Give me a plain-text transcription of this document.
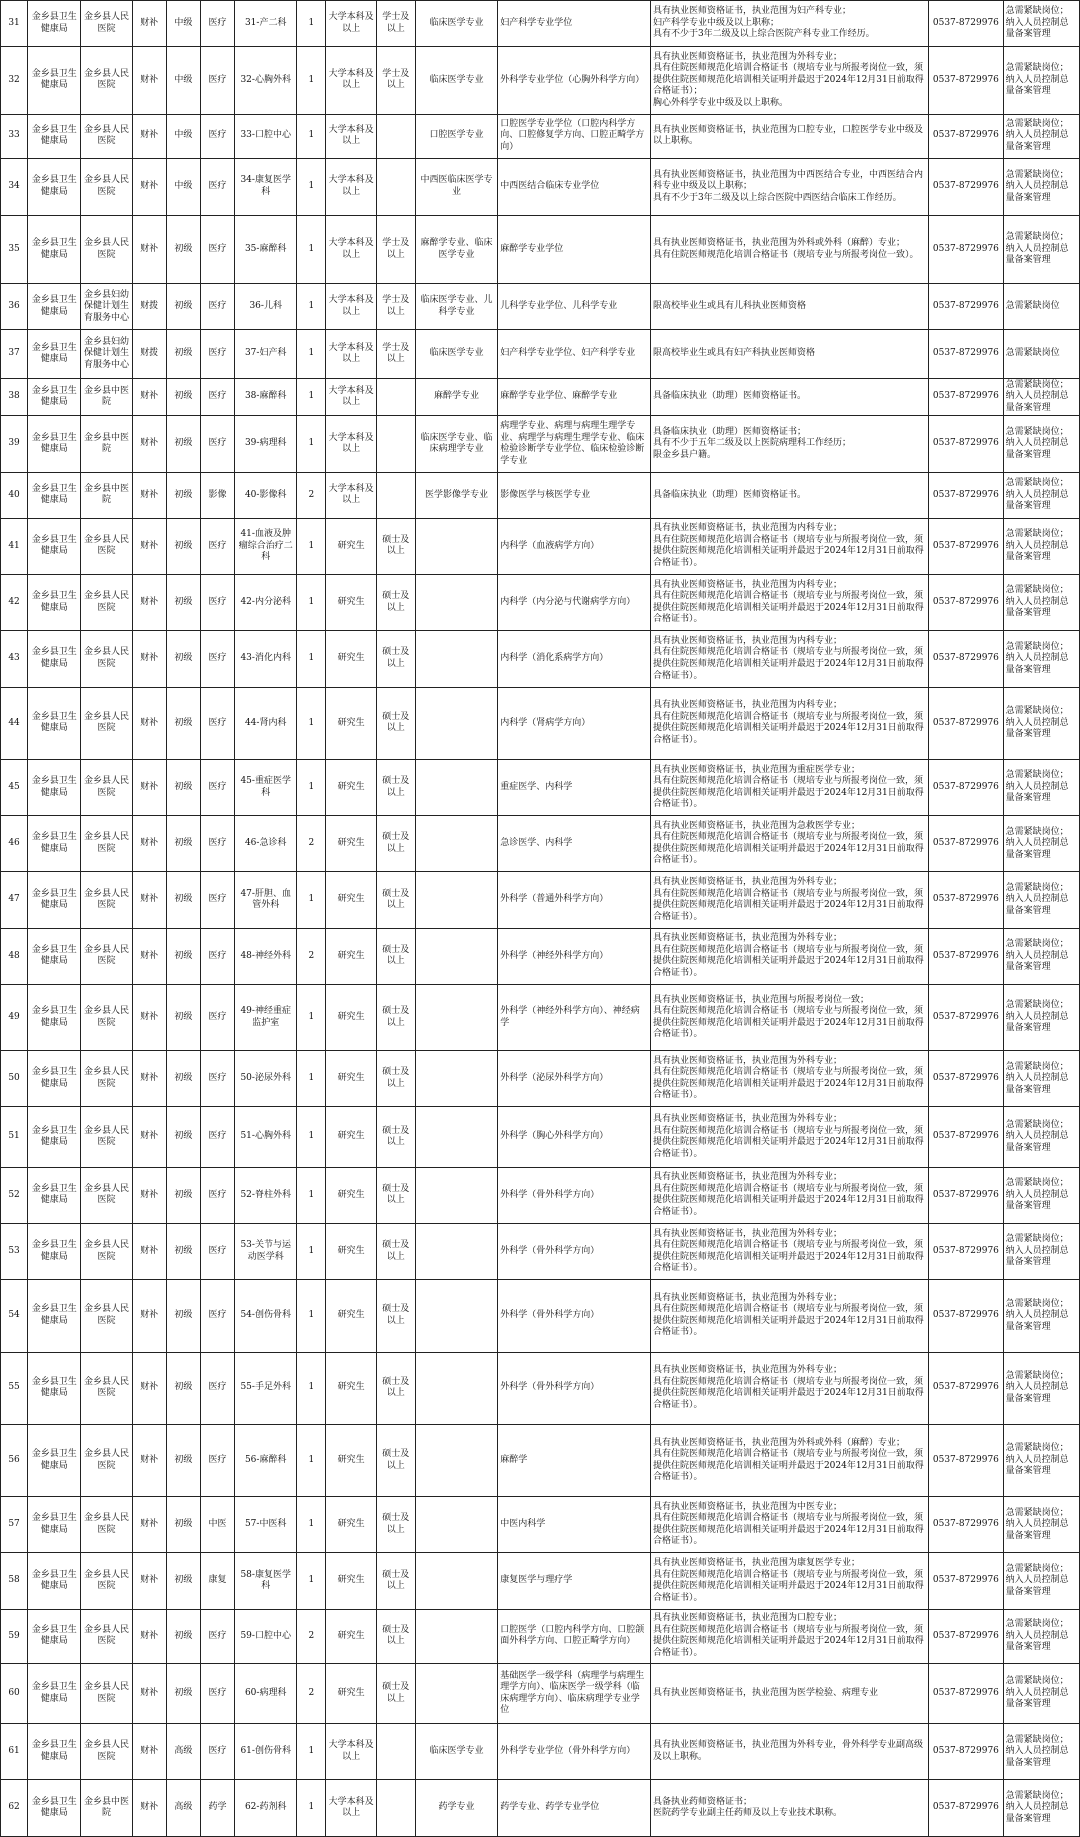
31	金乡县卫生健康局	金乡县人民医院	财补	中级	医疗	31-产二科	1	大学本科及以上	学士及以上	临床医学专业	妇产科学专业学位	具有执业医师资格证书，执业范围为妇产科专业；
妇产科学专业中级及以上职称；
具有不少于3年二级及以上综合医院产科专业工作经历。	0537-8729976	急需紧缺岗位；纳入人员控制总量备案管理
32	金乡县卫生健康局	金乡县人民医院	财补	中级	医疗	32-心胸外科	1	大学本科及以上	学士及以上	临床医学专业	外科学专业学位（心胸外科学方向）	具有执业医师资格证书，执业范围为外科专业；
具有住院医师规范化培训合格证书（规培专业与所报考岗位一致，须提供住院医师规范化培训相关证明并最迟于2024年12月31日前取得合格证书）；
胸心外科学专业中级及以上职称。	0537-8729976	急需紧缺岗位；纳入人员控制总量备案管理
33	金乡县卫生健康局	金乡县人民医院	财补	中级	医疗	33-口腔中心	1	大学本科及以上		口腔医学专业	口腔医学专业学位（口腔内科学方向、口腔修复学方向、口腔正畸学方向）	具有执业医师资格证书，执业范围为口腔专业，口腔医学专业中级及以上职称。	0537-8729976	急需紧缺岗位；纳入人员控制总量备案管理
34	金乡县卫生健康局	金乡县人民医院	财补	中级	医疗	34-康复医学科	1	大学本科及以上		中西医临床医学专业	中西医结合临床专业学位	具有执业医师资格证书，执业范围为中西医结合专业，中西医结合内科专业中级及以上职称；
具有不少于3年二级及以上综合医院中西医结合临床工作经历。	0537-8729976	急需紧缺岗位；纳入人员控制总量备案管理
35	金乡县卫生健康局	金乡县人民医院	财补	初级	医疗	35-麻醉科	1	大学本科及以上	学士及以上	麻醉学专业、临床医学专业	麻醉学专业学位	具有执业医师资格证书，执业范围为外科或外科（麻醉）专业；
具有住院医师规范化培训合格证书（规培专业与所报考岗位一致）。	0537-8729976	急需紧缺岗位；纳入人员控制总量备案管理
36	金乡县卫生健康局	金乡县妇幼保健计划生育服务中心	财拨	初级	医疗	36-儿科	1	大学本科及以上	学士及以上	临床医学专业、儿科学专业	儿科学专业学位、儿科学专业	限高校毕业生或具有儿科执业医师资格	0537-8729976	急需紧缺岗位
37	金乡县卫生健康局	金乡县妇幼保健计划生育服务中心	财拨	初级	医疗	37-妇产科	1	大学本科及以上	学士及以上	临床医学专业	妇产科学专业学位、妇产科学专业	限高校毕业生或具有妇产科执业医师资格	0537-8729976	急需紧缺岗位
38	金乡县卫生健康局	金乡县中医院	财补	初级	医疗	38-麻醉科	1	大学本科及以上		麻醉学专业	麻醉学专业学位、麻醉学专业	具备临床执业（助理）医师资格证书。	0537-8729976	急需紧缺岗位；纳入人员控制总量备案管理
39	金乡县卫生健康局	金乡县中医院	财补	初级	医疗	39-病理科	1	大学本科及以上		临床医学专业、临床病理学专业	病理学专业、病理与病理生理学专业、病理学与病理生理学专业、临床检验诊断学专业学位、临床检验诊断学专业	具备临床执业（助理）医师资格证书；
具有不少于五年二级及以上医院病理科工作经历；
限金乡县户籍。	0537-8729976	急需紧缺岗位；纳入人员控制总量备案管理
40	金乡县卫生健康局	金乡县中医院	财补	初级	影像	40-影像科	2	大学本科及以上		医学影像学专业	影像医学与核医学专业	具备临床执业（助理）医师资格证书。	0537-8729976	急需紧缺岗位；纳入人员控制总量备案管理
41	金乡县卫生健康局	金乡县人民医院	财补	初级	医疗	41-血液及肿瘤综合治疗二科	1	研究生	硕士及以上		内科学（血液病学方向）	具有执业医师资格证书，执业范围为内科专业；
具有住院医师规范化培训合格证书（规培专业与所报考岗位一致，须提供住院医师规范化培训相关证明并最迟于2024年12月31日前取得合格证书）。	0537-8729976	急需紧缺岗位；纳入人员控制总量备案管理
42	金乡县卫生健康局	金乡县人民医院	财补	初级	医疗	42-内分泌科	1	研究生	硕士及以上		内科学（内分泌与代谢病学方向）	具有执业医师资格证书，执业范围为内科专业；
具有住院医师规范化培训合格证书（规培专业与所报考岗位一致，须提供住院医师规范化培训相关证明并最迟于2024年12月31日前取得合格证书）。	0537-8729976	急需紧缺岗位；纳入人员控制总量备案管理
43	金乡县卫生健康局	金乡县人民医院	财补	初级	医疗	43-消化内科	1	研究生	硕士及以上		内科学（消化系病学方向）	具有执业医师资格证书，执业范围为内科专业；
具有住院医师规范化培训合格证书（规培专业与所报考岗位一致，须提供住院医师规范化培训相关证明并最迟于2024年12月31日前取得合格证书）。	0537-8729976	急需紧缺岗位；纳入人员控制总量备案管理
44	金乡县卫生健康局	金乡县人民医院	财补	初级	医疗	44-肾内科	1	研究生	硕士及以上		内科学（肾病学方向）	具有执业医师资格证书，执业范围为内科专业；
具有住院医师规范化培训合格证书（规培专业与所报考岗位一致，须提供住院医师规范化培训相关证明并最迟于2024年12月31日前取得合格证书）。	0537-8729976	急需紧缺岗位；纳入人员控制总量备案管理
45	金乡县卫生健康局	金乡县人民医院	财补	初级	医疗	45-重症医学科	1	研究生	硕士及以上		重症医学、内科学	具有执业医师资格证书，执业范围为重症医学专业；
具有住院医师规范化培训合格证书（规培专业与所报考岗位一致，须提供住院医师规范化培训相关证明并最迟于2024年12月31日前取得合格证书）。	0537-8729976	急需紧缺岗位；纳入人员控制总量备案管理
46	金乡县卫生健康局	金乡县人民医院	财补	初级	医疗	46-急诊科	2	研究生	硕士及以上		急诊医学、内科学	具有执业医师资格证书，执业范围为急救医学专业；
具有住院医师规范化培训合格证书（规培专业与所报考岗位一致，须提供住院医师规范化培训相关证明并最迟于2024年12月31日前取得合格证书）。	0537-8729976	急需紧缺岗位；纳入人员控制总量备案管理
47	金乡县卫生健康局	金乡县人民医院	财补	初级	医疗	47-肝胆、血管外科	1	研究生	硕士及以上		外科学（普通外科学方向）	具有执业医师资格证书，执业范围为外科专业；
具有住院医师规范化培训合格证书（规培专业与所报考岗位一致，须提供住院医师规范化培训相关证明并最迟于2024年12月31日前取得合格证书）。	0537-8729976	急需紧缺岗位；纳入人员控制总量备案管理
48	金乡县卫生健康局	金乡县人民医院	财补	初级	医疗	48-神经外科	2	研究生	硕士及以上		外科学（神经外科学方向）	具有执业医师资格证书，执业范围为外科专业；
具有住院医师规范化培训合格证书（规培专业与所报考岗位一致，须提供住院医师规范化培训相关证明并最迟于2024年12月31日前取得合格证书）。	0537-8729976	急需紧缺岗位；纳入人员控制总量备案管理
49	金乡县卫生健康局	金乡县人民医院	财补	初级	医疗	49-神经重症监护室	1	研究生	硕士及以上		外科学（神经外科学方向）、神经病学	具有执业医师资格证书，执业范围与所报考岗位一致；
具有住院医师规范化培训合格证书（规培专业与所报考岗位一致，须提供住院医师规范化培训相关证明并最迟于2024年12月31日前取得合格证书）。	0537-8729976	急需紧缺岗位；纳入人员控制总量备案管理
50	金乡县卫生健康局	金乡县人民医院	财补	初级	医疗	50-泌尿外科	1	研究生	硕士及以上		外科学（泌尿外科学方向）	具有执业医师资格证书，执业范围为外科专业；
具有住院医师规范化培训合格证书（规培专业与所报考岗位一致，须提供住院医师规范化培训相关证明并最迟于2024年12月31日前取得合格证书）。	0537-8729976	急需紧缺岗位；纳入人员控制总量备案管理
51	金乡县卫生健康局	金乡县人民医院	财补	初级	医疗	51-心胸外科	1	研究生	硕士及以上		外科学（胸心外科学方向）	具有执业医师资格证书，执业范围为外科专业；
具有住院医师规范化培训合格证书（规培专业与所报考岗位一致，须提供住院医师规范化培训相关证明并最迟于2024年12月31日前取得合格证书）。	0537-8729976	急需紧缺岗位；纳入人员控制总量备案管理
52	金乡县卫生健康局	金乡县人民医院	财补	初级	医疗	52-脊柱外科	1	研究生	硕士及以上		外科学（骨外科学方向）	具有执业医师资格证书，执业范围为外科专业；
具有住院医师规范化培训合格证书（规培专业与所报考岗位一致，须提供住院医师规范化培训相关证明并最迟于2024年12月31日前取得合格证书）。	0537-8729976	急需紧缺岗位；纳入人员控制总量备案管理
53	金乡县卫生健康局	金乡县人民医院	财补	初级	医疗	53-关节与运动医学科	1	研究生	硕士及以上		外科学（骨外科学方向）	具有执业医师资格证书，执业范围为外科专业；
具有住院医师规范化培训合格证书（规培专业与所报考岗位一致，须提供住院医师规范化培训相关证明并最迟于2024年12月31日前取得合格证书）。	0537-8729976	急需紧缺岗位；纳入人员控制总量备案管理
54	金乡县卫生健康局	金乡县人民医院	财补	初级	医疗	54-创伤骨科	1	研究生	硕士及以上		外科学（骨外科学方向）	具有执业医师资格证书，执业范围为外科专业；
具有住院医师规范化培训合格证书（规培专业与所报考岗位一致，须提供住院医师规范化培训相关证明并最迟于2024年12月31日前取得合格证书）。	0537-8729976	急需紧缺岗位；纳入人员控制总量备案管理
55	金乡县卫生健康局	金乡县人民医院	财补	初级	医疗	55-手足外科	1	研究生	硕士及以上		外科学（骨外科学方向）	具有执业医师资格证书，执业范围为外科专业；
具有住院医师规范化培训合格证书（规培专业与所报考岗位一致，须提供住院医师规范化培训相关证明并最迟于2024年12月31日前取得合格证书）。	0537-8729976	急需紧缺岗位；纳入人员控制总量备案管理
56	金乡县卫生健康局	金乡县人民医院	财补	初级	医疗	56-麻醉科	1	研究生	硕士及以上		麻醉学	具有执业医师资格证书，执业范围为外科或外科（麻醉）专业；
具有住院医师规范化培训合格证书（规培专业与所报考岗位一致，须提供住院医师规范化培训相关证明并最迟于2024年12月31日前取得合格证书）。	0537-8729976	急需紧缺岗位；纳入人员控制总量备案管理
57	金乡县卫生健康局	金乡县人民医院	财补	初级	中医	57-中医科	1	研究生	硕士及以上		中医内科学	具有执业医师资格证书，执业范围为中医专业；
具有住院医师规范化培训合格证书（规培专业与所报考岗位一致，须提供住院医师规范化培训相关证明并最迟于2024年12月31日前取得合格证书）。	0537-8729976	急需紧缺岗位；纳入人员控制总量备案管理
58	金乡县卫生健康局	金乡县人民医院	财补	初级	康复	58-康复医学科	1	研究生	硕士及以上		康复医学与理疗学	具有执业医师资格证书，执业范围为康复医学专业；
具有住院医师规范化培训合格证书（规培专业与所报考岗位一致，须提供住院医师规范化培训相关证明并最迟于2024年12月31日前取得合格证书）。	0537-8729976	急需紧缺岗位；纳入人员控制总量备案管理
59	金乡县卫生健康局	金乡县人民医院	财补	初级	医疗	59-口腔中心	2	研究生	硕士及以上		口腔医学（口腔内科学方向、口腔颌面外科学方向、口腔正畸学方向）	具有执业医师资格证书，执业范围为口腔专业；
具有住院医师规范化培训合格证书（规培专业与所报考岗位一致，须提供住院医师规范化培训相关证明并最迟于2024年12月31日前取得合格证书）。	0537-8729976	急需紧缺岗位；纳入人员控制总量备案管理
60	金乡县卫生健康局	金乡县人民医院	财补	初级	医疗	60-病理科	2	研究生	硕士及以上		基础医学一级学科（病理学与病理生理学方向）、临床医学一级学科（临床病理学方向）、临床病理学专业学位	具有执业医师资格证书，执业范围为医学检验、病理专业	0537-8729976	急需紧缺岗位；纳入人员控制总量备案管理
61	金乡县卫生健康局	金乡县人民医院	财补	高级	医疗	61-创伤骨科	1	大学本科及以上		临床医学专业	外科学专业学位（骨外科学方向）	具有执业医师资格证书，执业范围为外科专业，骨外科学专业副高级及以上职称。	0537-8729976	急需紧缺岗位；纳入人员控制总量备案管理
62	金乡县卫生健康局	金乡县中医院	财补	高级	药学	62-药剂科	1	大学本科及以上		药学专业	药学专业、药学专业学位	具备执业药师资格证书；
医院药学专业副主任药师及以上专业技术职称。	0537-8729976	急需紧缺岗位；纳入人员控制总量备案管理
